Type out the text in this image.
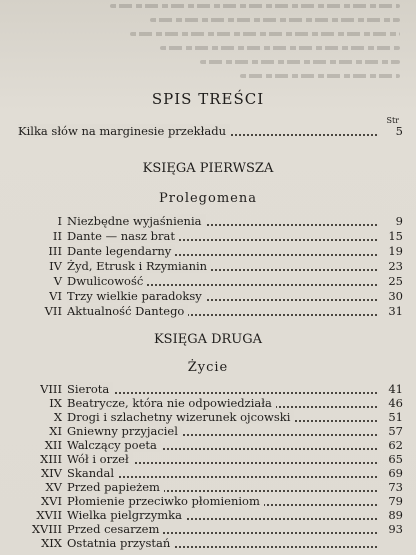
SPIS TREŚCI
Str
Kilka słów na marginesie przekładu	5
KSIĘGA PIERWSZA
Prolegomena
I Niezbędne wyjaśnienia	9
II Dante — nasz brat	15
III Dante legendarny	19
IV Żyd, Etrusk i Rzymianin	23
V Dwulicowość	25
VI Trzy wielkie paradoksy	30
VII Aktualność Dantego	31
KSIĘGA DRUGA
Życie
VIII Sierota	41
IX Beatrycze, która nie odpowiedziała	46
X Drogi i szlachetny wizerunek ojcowski	51
XI Gniewny przyjaciel	57
XII Walczący poeta	62
XIII Wół i orzeł	65
XIV Skandal	69
XV Przed papieżem	73
XVI Płomienie przeciwko płomieniom	79
XVII Wielka pielgrzymka	89
XVIII Przed cesarzem	93
XIX Ostatnia przystań
